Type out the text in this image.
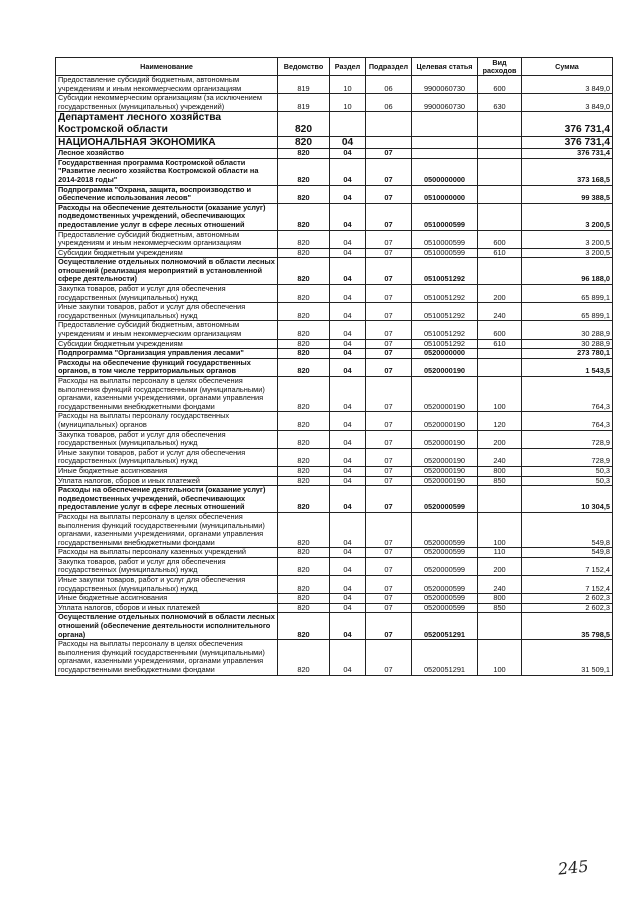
Наименование	Ведомство	Раздел	Подраздел	Целевая статья	Вид расходов	Сумма
Предоставление субсидий бюджетным, автономным учреждениям и иным некоммерческим организациям	819	10	06	9900060730	600	3 849,0
Субсидии некоммерческим организациям (за исключением государственных (муниципальных) учреждений)	819	10	06	9900060730	630	3 849,0
Департамент лесного хозяйства Костромской области	820					376 731,4
НАЦИОНАЛЬНАЯ ЭКОНОМИКА	820	04				376 731,4
Лесное хозяйство	820	04	07			376 731,4
Государственная программа Костромской области "Развитие лесного хозяйства Костромской области на 2014-2018 годы"	820	04	07	0500000000		373 168,5
Подпрограмма "Охрана, защита, воспроизводство и обеспечение использования лесов"	820	04	07	0510000000		99 388,5
Расходы на обеспечение деятельности (оказание услуг) подведомственных учреждений, обеспечивающих предоставление услуг в сфере лесных отношений	820	04	07	0510000599		3 200,5
Предоставление субсидий бюджетным, автономным учреждениям и иным некоммерческим организациям	820	04	07	0510000599	600	3 200,5
Субсидии бюджетным учреждениям	820	04	07	0510000599	610	3 200,5
Осуществление отдельных полномочий в области лесных отношений (реализация мероприятий в установленной сфере деятельности)	820	04	07	0510051292		96 188,0
Закупка товаров, работ и услуг для обеспечения государственных (муниципальных) нужд	820	04	07	0510051292	200	65 899,1
Иные закупки товаров, работ и услуг для обеспечения государственных (муниципальных) нужд	820	04	07	0510051292	240	65 899,1
Предоставление субсидий бюджетным, автономным учреждениям и иным некоммерческим организациям	820	04	07	0510051292	600	30 288,9
Субсидии бюджетным учреждениям	820	04	07	0510051292	610	30 288,9
Подпрограмма "Организация управления лесами"	820	04	07	0520000000		273 780,1
Расходы на обеспечение функций государственных органов, в том числе территориальных органов	820	04	07	0520000190		1 543,5
Расходы на выплаты персоналу в целях обеспечения выполнения функций государственными (муниципальными) органами, казенными учреждениями, органами управления государственными внебюджетными фондами	820	04	07	0520000190	100	764,3
Расходы на выплаты персоналу государственных (муниципальных) органов	820	04	07	0520000190	120	764,3
Закупка товаров, работ и услуг для обеспечения государственных (муниципальных) нужд	820	04	07	0520000190	200	728,9
Иные закупки товаров, работ и услуг для обеспечения государственных (муниципальных) нужд	820	04	07	0520000190	240	728,9
Иные бюджетные ассигнования	820	04	07	0520000190	800	50,3
Уплата налогов, сборов и иных платежей	820	04	07	0520000190	850	50,3
Расходы на обеспечение деятельности (оказание услуг) подведомственных учреждений, обеспечивающих предоставление услуг в сфере лесных отношений	820	04	07	0520000599		10 304,5
Расходы на выплаты персоналу в целях обеспечения выполнения функций государственными (муниципальными) органами, казенными учреждениями, органами управления государственными внебюджетными фондами	820	04	07	0520000599	100	549,8
Расходы на выплаты персоналу казенных учреждений	820	04	07	0520000599	110	549,8
Закупка товаров, работ и услуг для обеспечения государственных (муниципальных) нужд	820	04	07	0520000599	200	7 152,4
Иные закупки товаров, работ и услуг для обеспечения государственных (муниципальных) нужд	820	04	07	0520000599	240	7 152,4
Иные бюджетные ассигнования	820	04	07	0520000599	800	2 602,3
Уплата налогов, сборов и иных платежей	820	04	07	0520000599	850	2 602,3
Осуществление отдельных полномочий в области лесных отношений (обеспечение деятельности исполнительного органа)	820	04	07	0520051291		35 798,5
Расходы на выплаты персоналу в целях обеспечения выполнения функций государственными (муниципальными) органами, казенными учреждениями, органами управления государственными внебюджетными фондами	820	04	07	0520051291	100	31 509,1
245
